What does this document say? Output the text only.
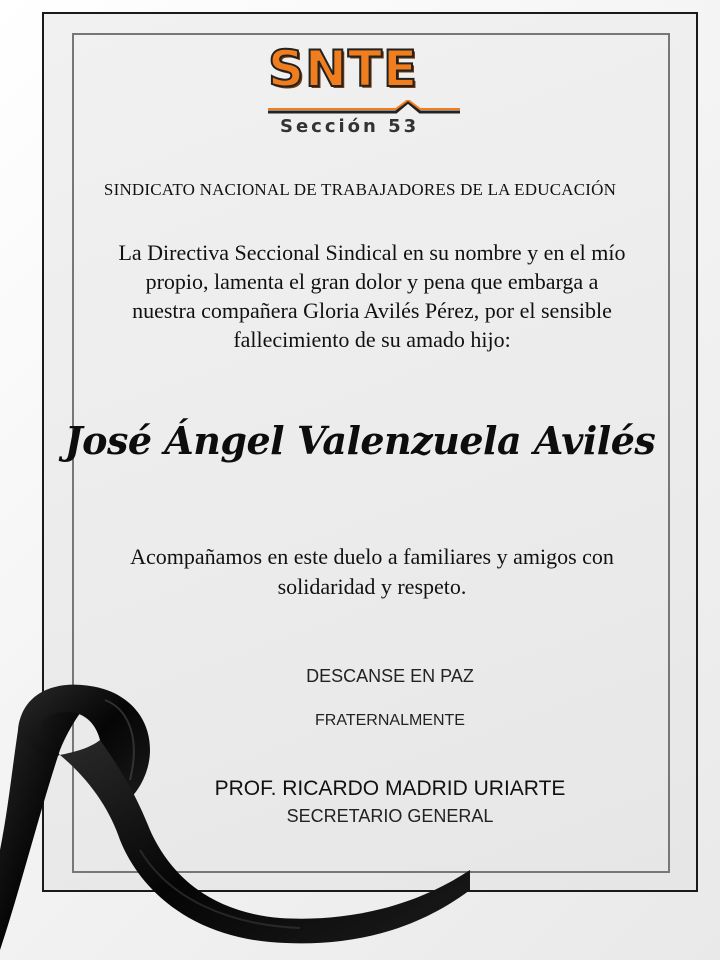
SNTE
Sección 53
SINDICATO NACIONAL DE TRABAJADORES DE LA EDUCACIÓN
La Directiva Seccional Sindical en su nombre y en el mío
propio, lamenta el gran dolor y pena que embarga a
nuestra compañera Gloria Avilés Pérez, por el sensible
fallecimiento de su amado hijo:
José Ángel Valenzuela Avilés
Acompañamos en este duelo a familiares y amigos con
solidaridad y respeto.
DESCANSE EN PAZ
FRATERNALMENTE
PROF. RICARDO MADRID URIARTE
SECRETARIO GENERAL
